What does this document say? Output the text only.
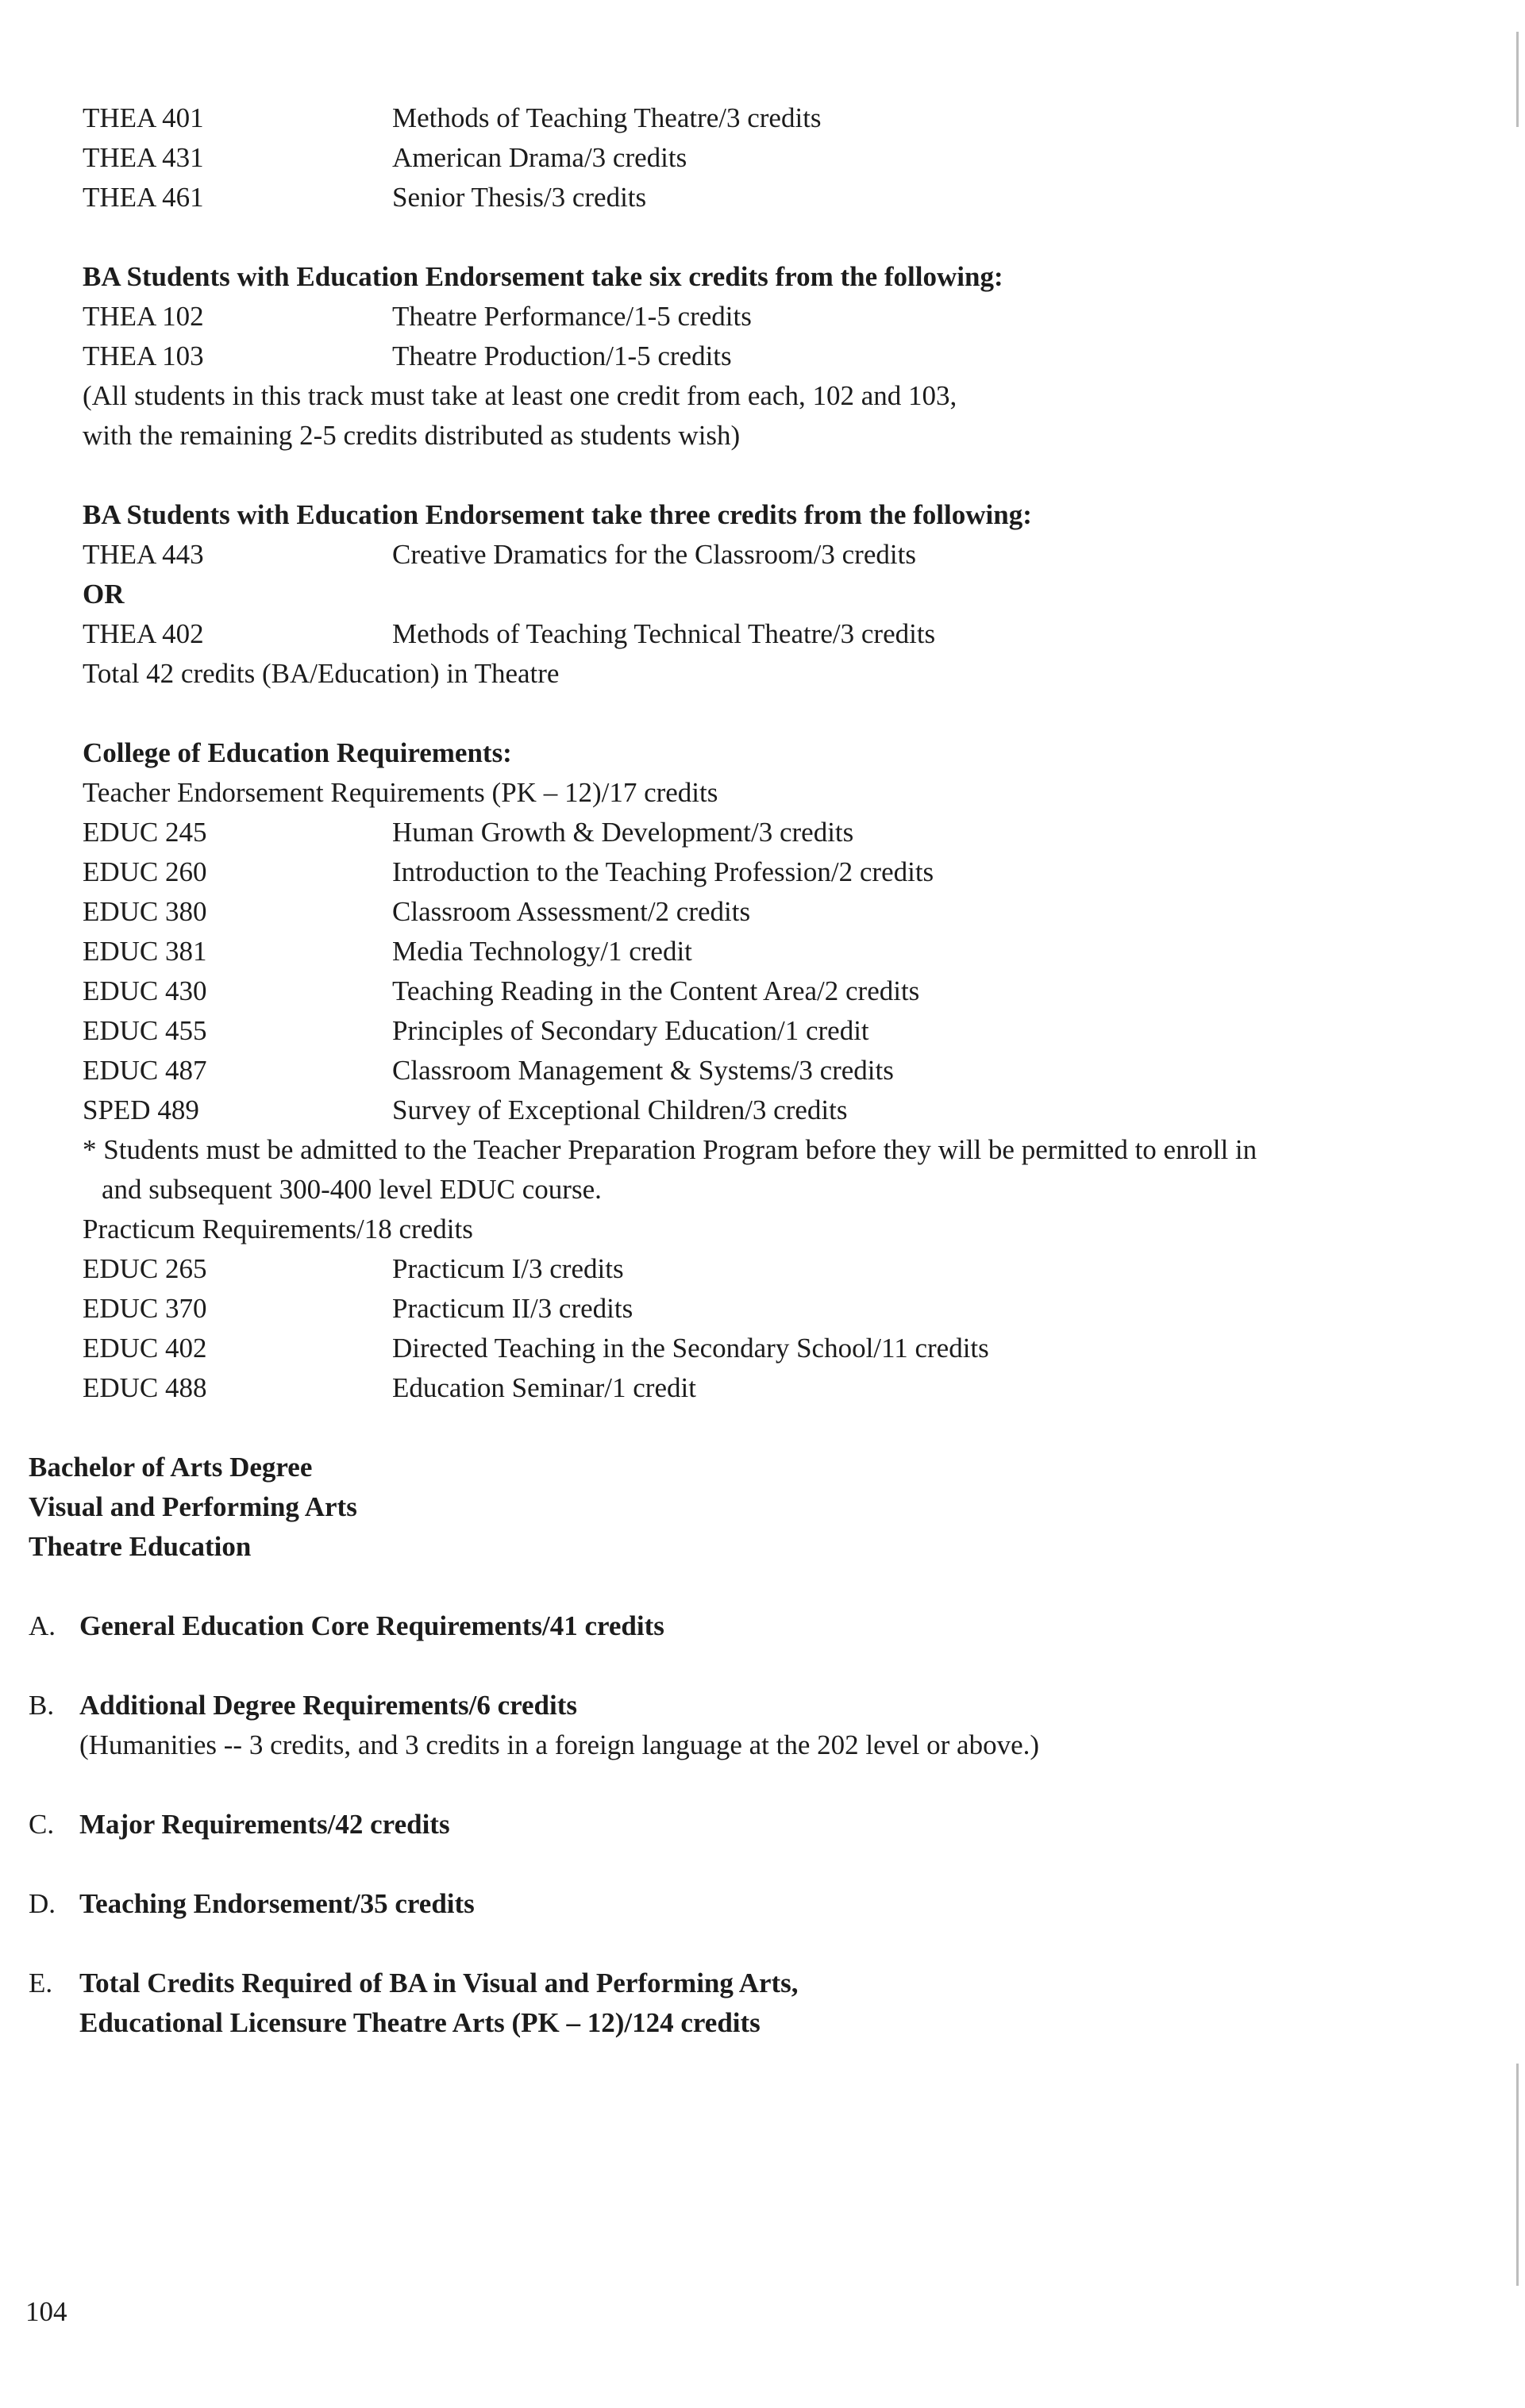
THEA 401	Methods of Teaching Theatre/3 credits
THEA 431	American Drama/3 credits
THEA 461	Senior Thesis/3 credits
BA Students with Education Endorsement take six credits from the following:
THEA 102	Theatre Performance/1-5 credits
THEA 103	Theatre Production/1-5 credits
(All students in this track must take at least one credit from each, 102 and 103,
with the remaining 2-5 credits distributed as students wish)
BA Students with Education Endorsement take three credits from the following:
THEA 443	Creative Dramatics for the Classroom/3 credits
OR
THEA 402	Methods of Teaching Technical Theatre/3 credits
Total 42 credits (BA/Education) in Theatre
College of Education Requirements:
Teacher Endorsement Requirements (PK – 12)/17 credits
EDUC 245	Human Growth & Development/3 credits
EDUC 260	Introduction to the Teaching Profession/2 credits
EDUC 380	Classroom Assessment/2 credits
EDUC 381	Media Technology/1 credit
EDUC 430	Teaching Reading in the Content Area/2 credits
EDUC 455	Principles of Secondary Education/1 credit
EDUC 487	Classroom Management & Systems/3 credits
SPED 489	Survey of Exceptional Children/3 credits
* Students must be admitted to the Teacher Preparation Program before they will be permitted to enroll in
and subsequent 300-400 level EDUC course.
Practicum Requirements/18 credits
EDUC 265	Practicum I/3 credits
EDUC 370	Practicum II/3 credits
EDUC 402	Directed Teaching in the Secondary School/11 credits
EDUC 488	Education Seminar/1 credit
Bachelor of Arts Degree
Visual and Performing Arts
Theatre Education
A. General Education Core Requirements/41 credits
B. Additional Degree Requirements/6 credits
(Humanities -- 3 credits, and 3 credits in a foreign language at the 202 level or above.)
C. Major Requirements/42 credits
D. Teaching Endorsement/35 credits
E. Total Credits Required of BA in Visual and Performing Arts,
Educational Licensure Theatre Arts (PK – 12)/124 credits
104
